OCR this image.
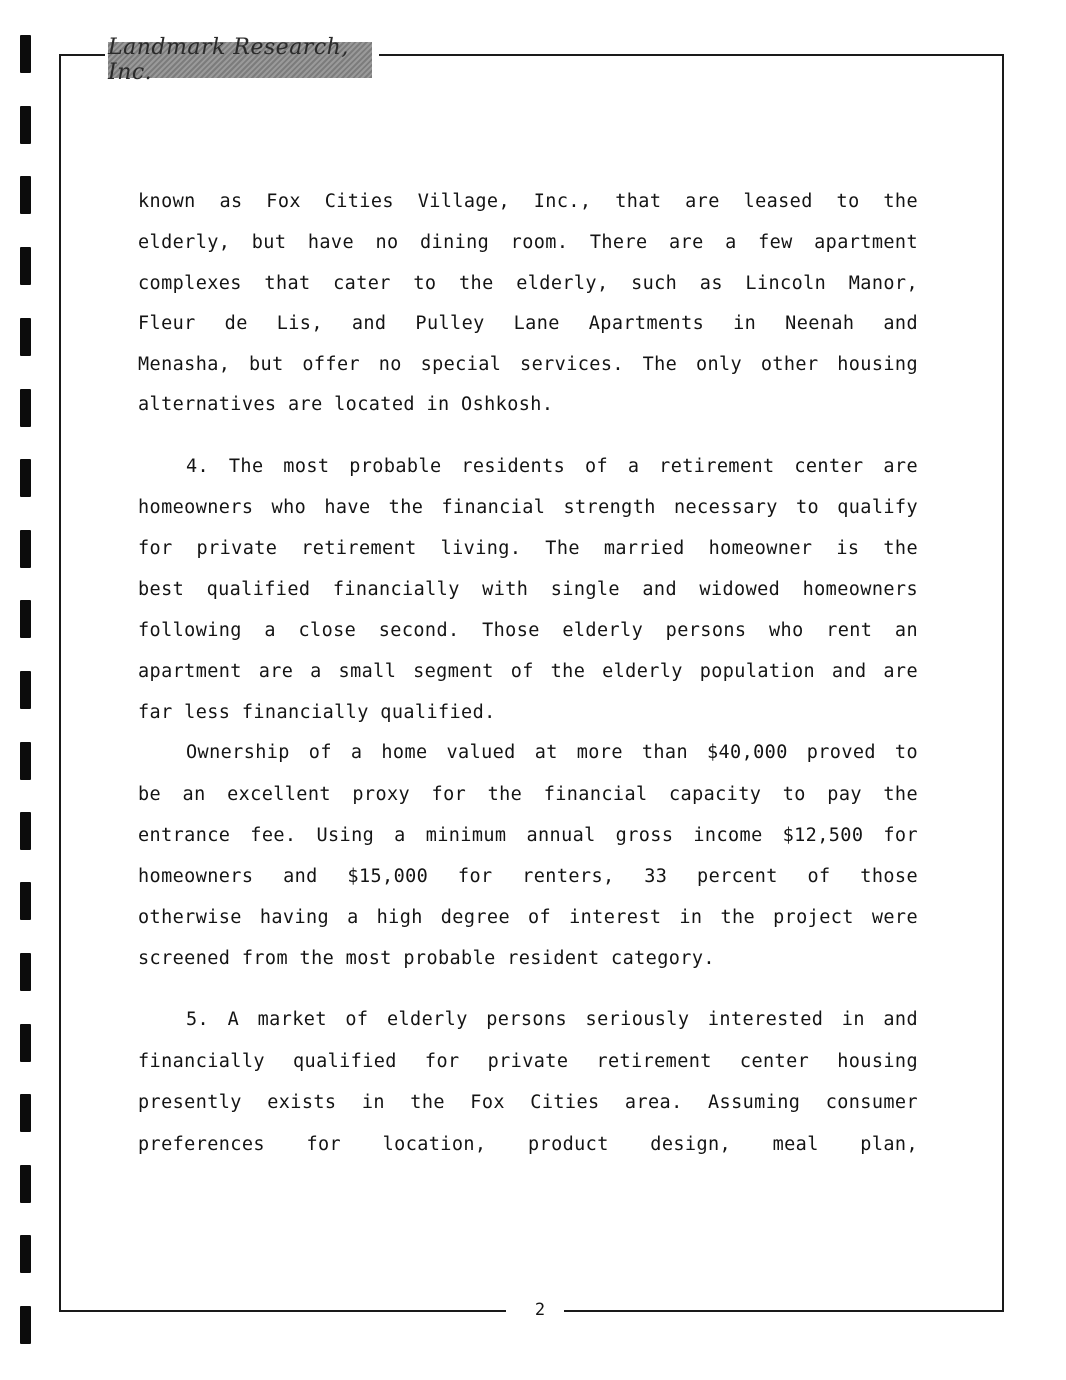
Landmark Research, Inc.
known as Fox Cities Village, Inc., that are leased to the
elderly, but have no dining room. There are a few apartment
complexes that cater to the elderly, such as Lincoln Manor,
Fleur de Lis, and Pulley Lane Apartments in Neenah and
Menasha, but offer no special services. The only other housing
alternatives are located in Oshkosh.
4. The most probable residents of a retirement center are
homeowners who have the financial strength necessary to qualify
for private retirement living. The married homeowner is the
best qualified financially with single and widowed homeowners
following a close second. Those elderly persons who rent an
apartment are a small segment of the elderly population and are
far less financially qualified.
Ownership of a home valued at more than $40,000 proved to
be an excellent proxy for the financial capacity to pay the
entrance fee. Using a minimum annual gross income $12,500 for
homeowners and $15,000 for renters, 33 percent of those
otherwise having a high degree of interest in the project were
screened from the most probable resident category.
5. A market of elderly persons seriously interested in and
financially qualified for private retirement center housing
presently exists in the Fox Cities area. Assuming consumer
preferences for location, product design, meal plan,
2
